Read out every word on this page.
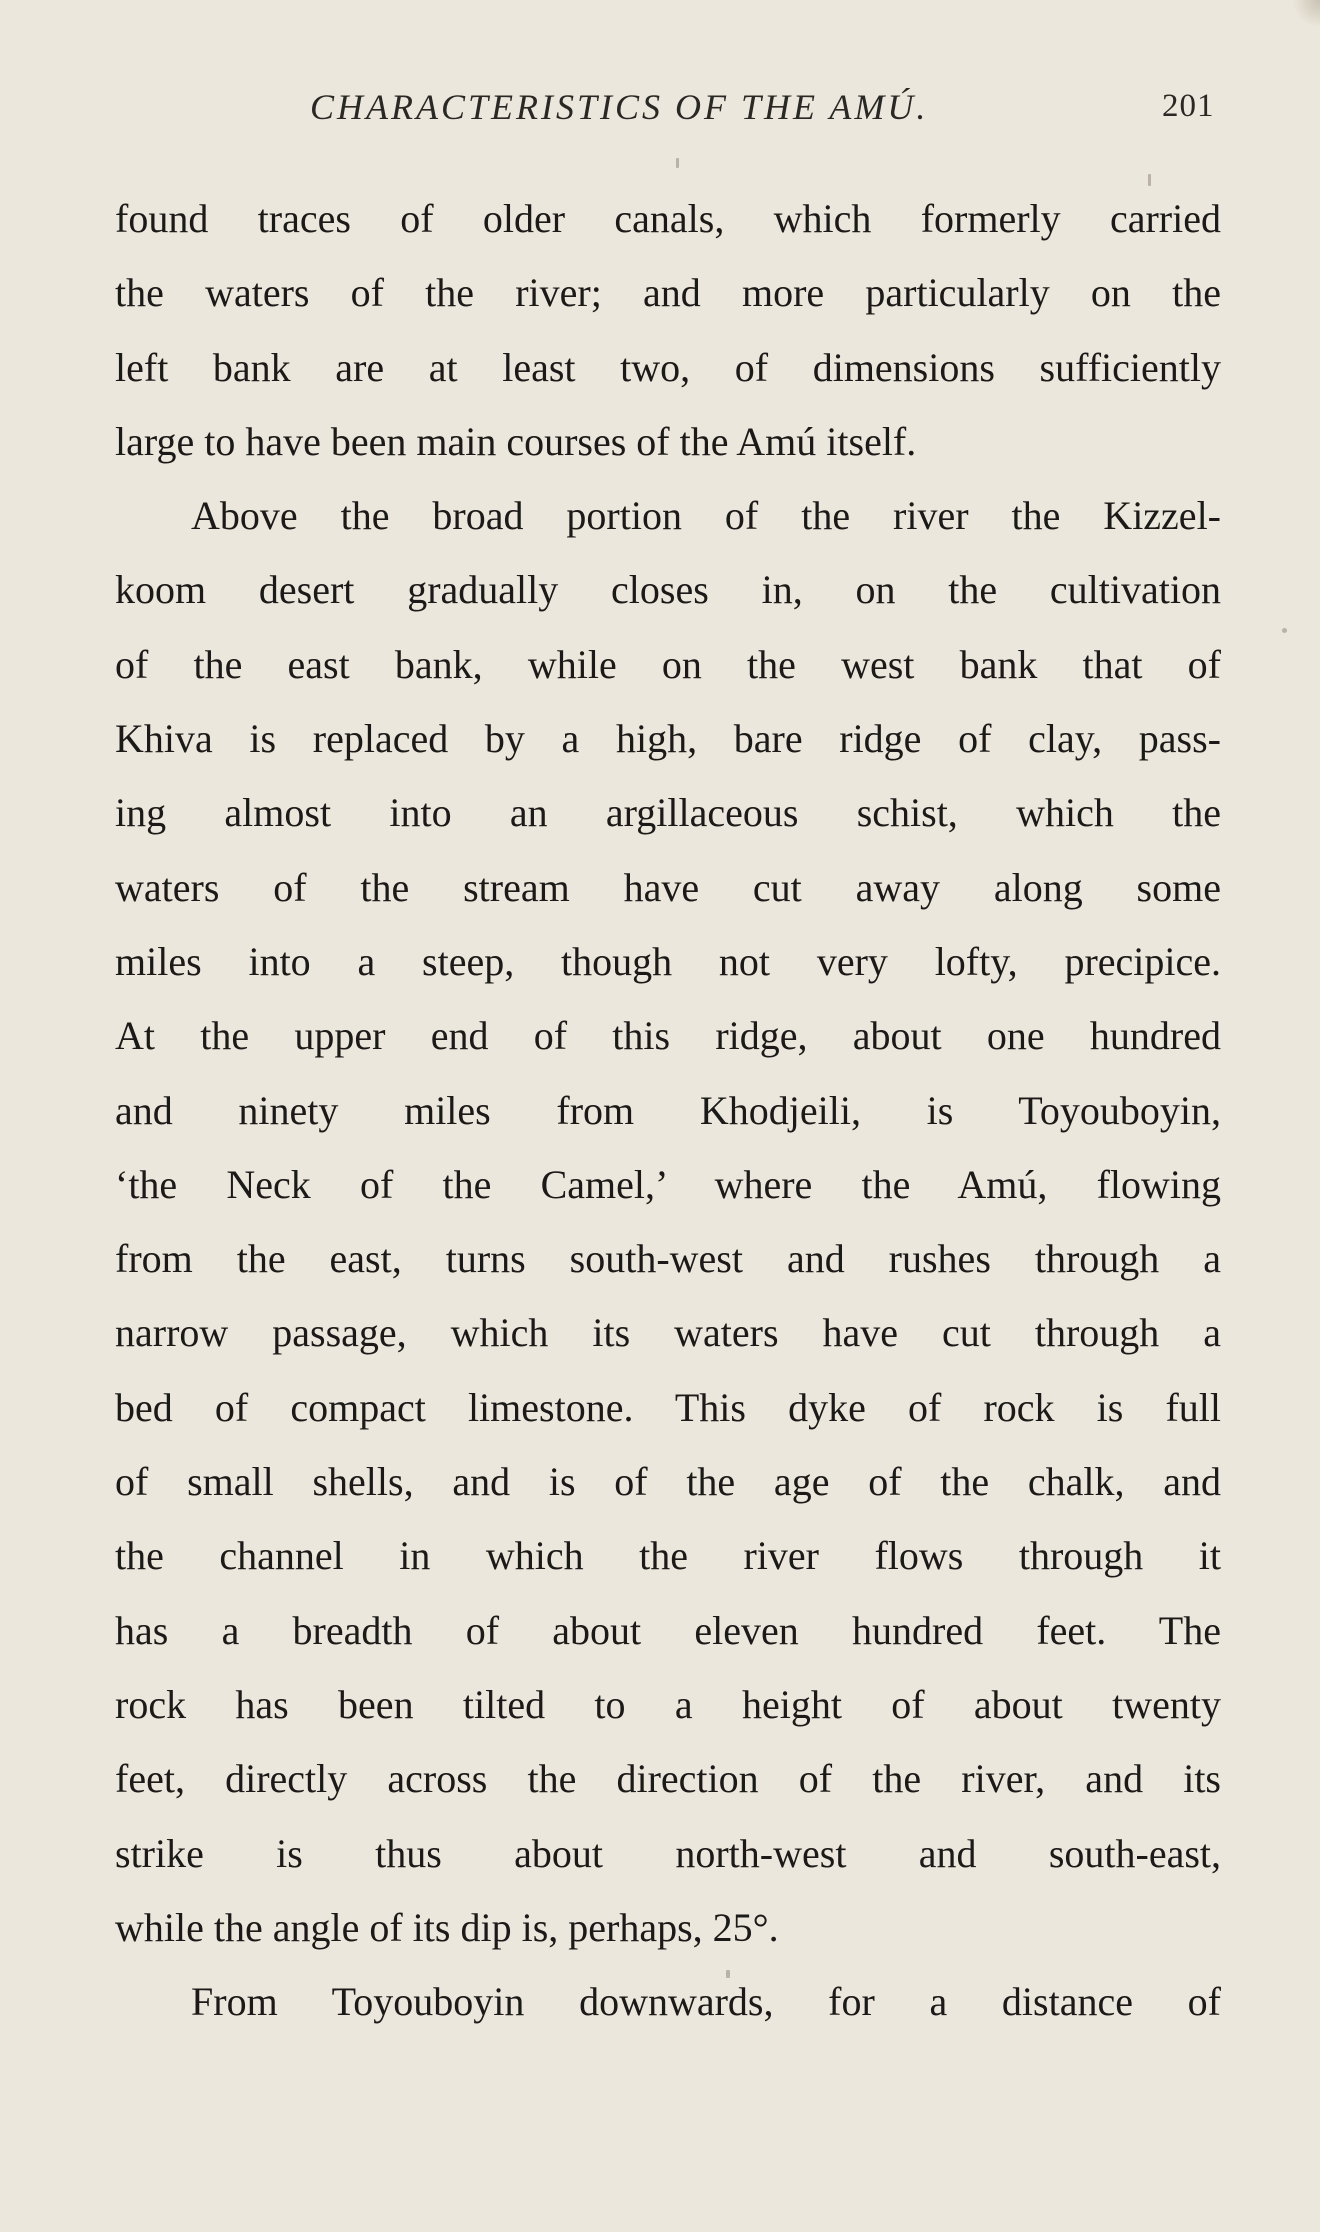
CHARACTERISTICS OF THE AMÚ.	201
found traces of older canals, which formerly carried
the waters of the river; and more particularly on the
left bank are at least two, of dimensions sufficiently
large to have been main courses of the Amú itself.
Above the broad portion of the river the Kizzel-
koom desert gradually closes in, on the cultivation
of the east bank, while on the west bank that of
Khiva is replaced by a high, bare ridge of clay, pass-
ing almost into an argillaceous schist, which the
waters of the stream have cut away along some
miles into a steep, though not very lofty, precipice.
At the upper end of this ridge, about one hundred
and ninety miles from Khodjeili, is Toyouboyin,
‘the Neck of the Camel,’ where the Amú, flowing
from the east, turns south-west and rushes through a
narrow passage, which its waters have cut through a
bed of compact limestone. This dyke of rock is full
of small shells, and is of the age of the chalk, and
the channel in which the river flows through it
has a breadth of about eleven hundred feet. The
rock has been tilted to a height of about twenty
feet, directly across the direction of the river, and its
strike is thus about north-west and south-east,
while the angle of its dip is, perhaps, 25°.
From Toyouboyin downwards, for a distance of
